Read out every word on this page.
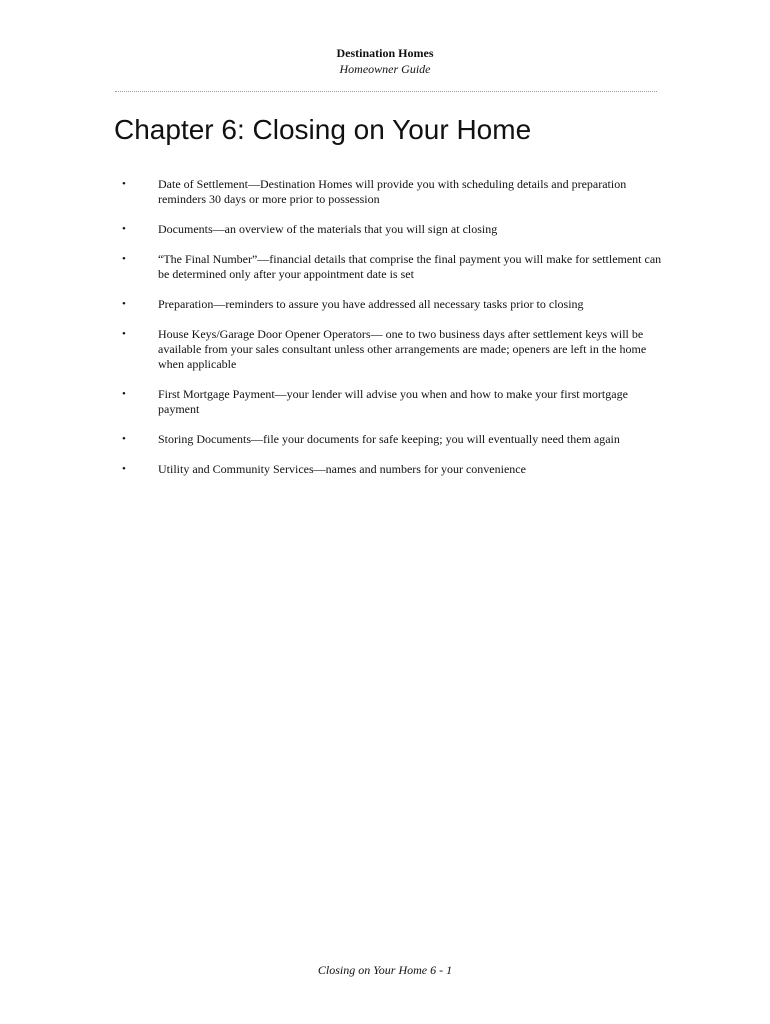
Destination Homes
Homeowner Guide
Chapter 6: Closing on Your Home
•	Date of Settlement—Destination Homes will provide you with scheduling details and preparation reminders 30 days or more prior to possession
•	Documents—an overview of the materials that you will sign at closing
•	“The Final Number”—financial details that comprise the final payment you will make for settlement can be determined only after your appointment date is set
•	Preparation—reminders to assure you have addressed all necessary tasks prior to closing
•	House Keys/Garage Door Opener Operators— one to two business days after settlement keys will be available from your sales consultant unless other arrangements are made; openers are left in the home when applicable
•	First Mortgage Payment—your lender will advise you when and how to make your first mortgage payment
•	Storing Documents—file your documents for safe keeping; you will eventually need them again
•	Utility and Community Services—names and numbers for your convenience
Closing on Your Home 6 - 1
